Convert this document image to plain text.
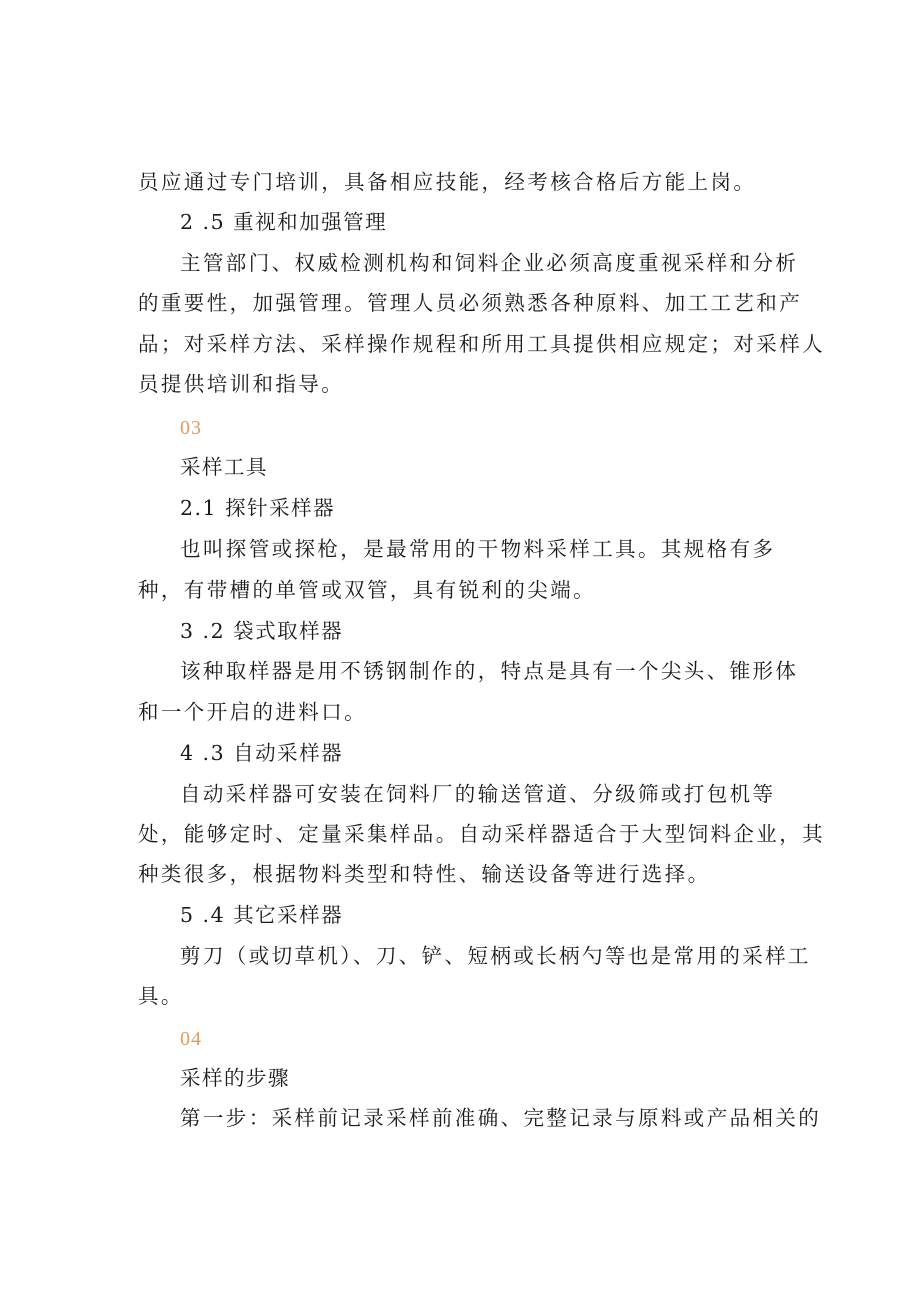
员应通过专门培训，具备相应技能，经考核合格后方能上岗。
2 .5 重视和加强管理
主管部门、权威检测机构和饲料企业必须高度重视采样和分析
的重要性，加强管理。管理人员必须熟悉各种原料、加工工艺和产
品；对采样方法、采样操作规程和所用工具提供相应规定；对采样人
员提供培训和指导。
03
采样工具
2.1 探针采样器
也叫探管或探枪，是最常用的干物料采样工具。其规格有多
种，有带槽的单管或双管，具有锐利的尖端。
3 .2 袋式取样器
该种取样器是用不锈钢制作的，特点是具有一个尖头、锥形体
和一个开启的进料口。
4 .3 自动采样器
自动采样器可安装在饲料厂的输送管道、分级筛或打包机等
处，能够定时、定量采集样品。自动采样器适合于大型饲料企业，其
种类很多，根据物料类型和特性、输送设备等进行选择。
5 .4 其它采样器
剪刀（或切草机）、刀、铲、短柄或长柄勺等也是常用的采样工
具。
04
采样的步骤
第一步：采样前记录采样前准确、完整记录与原料或产品相关的
